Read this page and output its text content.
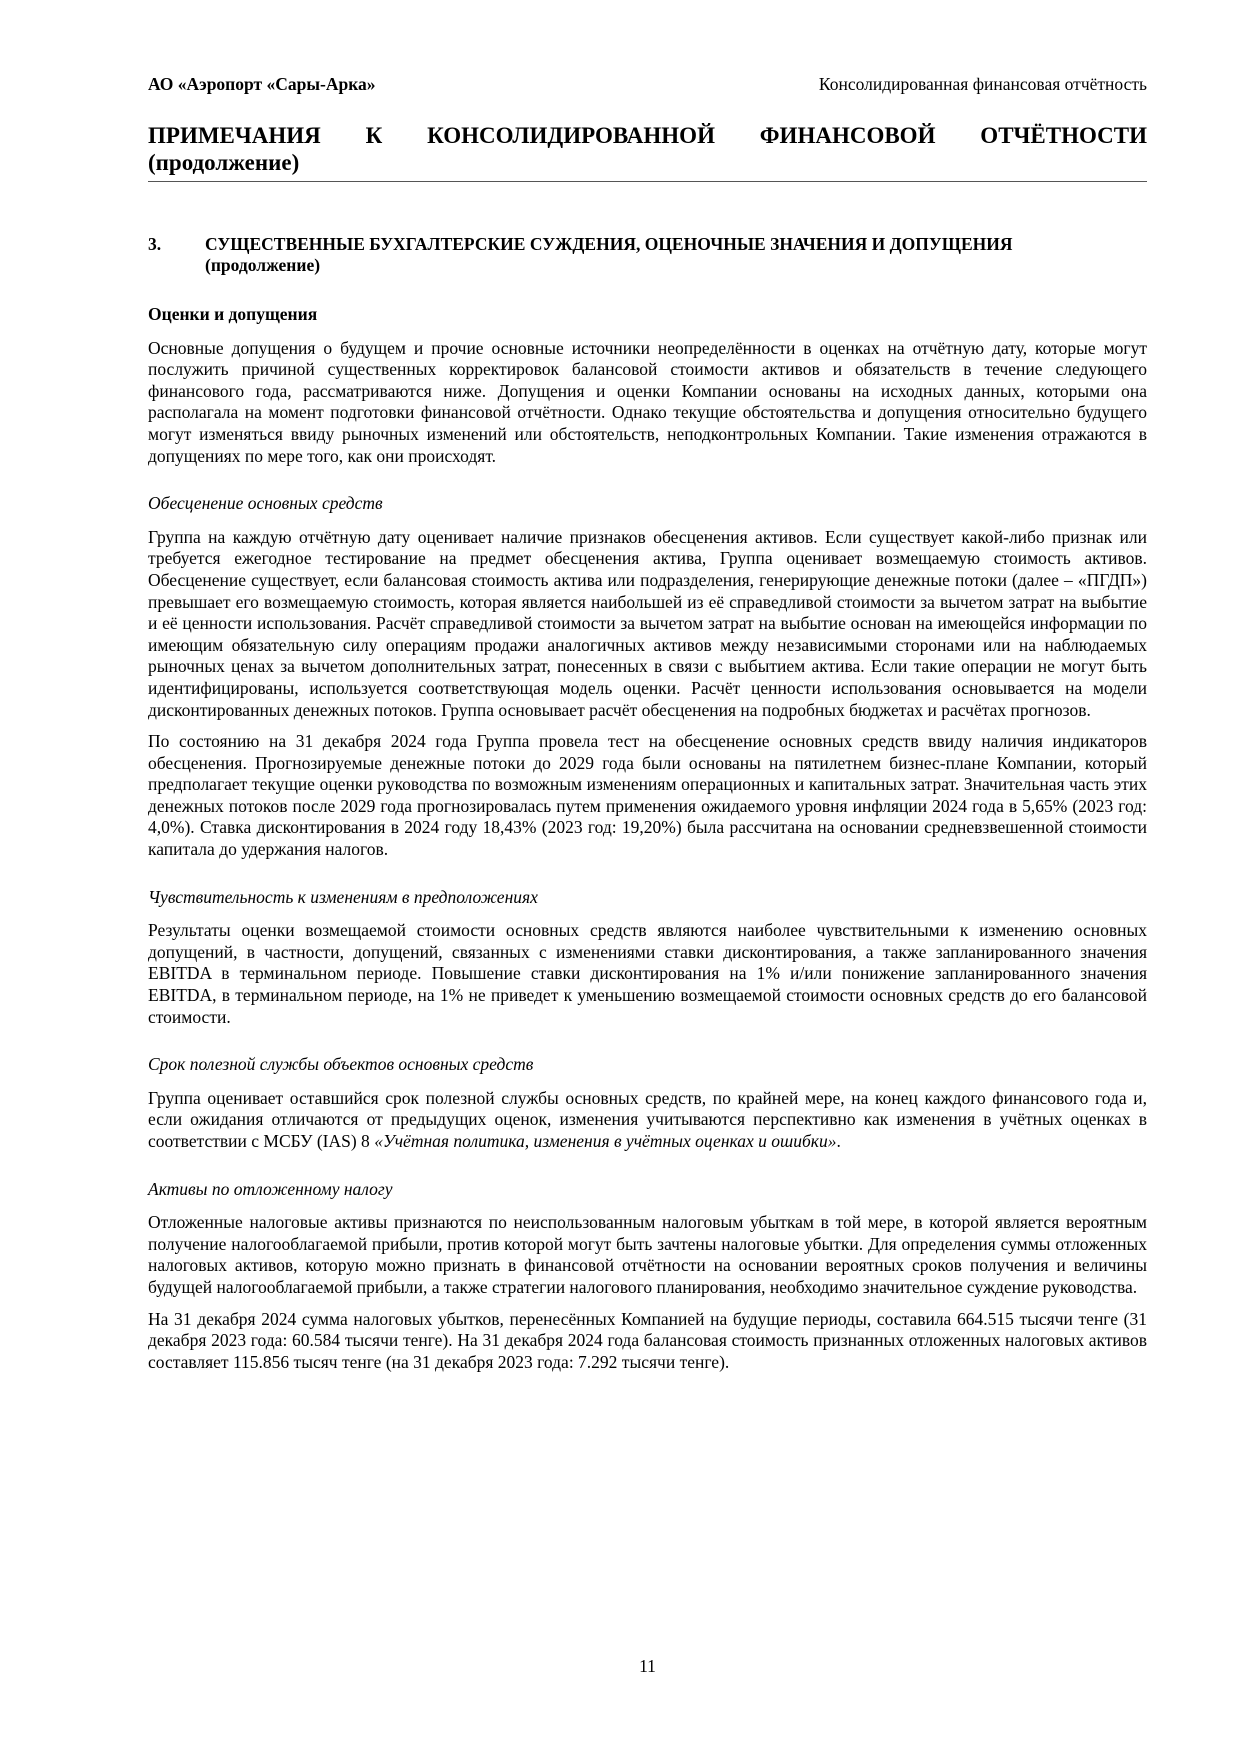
АО «Аэропорт «Сары-Арка»	Консолидированная финансовая отчётность
ПРИМЕЧАНИЯ К КОНСОЛИДИРОВАННОЙ ФИНАНСОВОЙ ОТЧЁТНОСТИ
(продолжение)
3.	СУЩЕСТВЕННЫЕ БУХГАЛТЕРСКИЕ СУЖДЕНИЯ, ОЦЕНОЧНЫЕ ЗНАЧЕНИЯ И ДОПУЩЕНИЯ
(продолжение)
Оценки и допущения

Основные допущения о будущем и прочие основные источники неопределённости в оценках на отчётную дату, которые могут послужить причиной существенных корректировок балансовой стоимости активов и обязательств в течение следующего финансового года, рассматриваются ниже. Допущения и оценки Компании основаны на исходных данных, которыми она располагала на момент подготовки финансовой отчётности. Однако текущие обстоятельства и допущения относительно будущего могут изменяться ввиду рыночных изменений или обстоятельств, неподконтрольных Компании. Такие изменения отражаются в допущениях по мере того, как они происходят.

Обесценение основных средств

Группа на каждую отчётную дату оценивает наличие признаков обесценения активов. Если существует какой-либо признак или требуется ежегодное тестирование на предмет обесценения актива, Группа оценивает возмещаемую стоимость активов. Обесценение существует, если балансовая стоимость актива или подразделения, генерирующие денежные потоки (далее – «ПГДП») превышает его возмещаемую стоимость, которая является наибольшей из её справедливой стоимости за вычетом затрат на выбытие и её ценности использования. Расчёт справедливой стоимости за вычетом затрат на выбытие основан на имеющейся информации по имеющим обязательную силу операциям продажи аналогичных активов между независимыми сторонами или на наблюдаемых рыночных ценах за вычетом дополнительных затрат, понесенных в связи с выбытием актива. Если такие операции не могут быть идентифицированы, используется соответствующая модель оценки. Расчёт ценности использования основывается на модели дисконтированных денежных потоков. Группа основывает расчёт обесценения на подробных бюджетах и расчётах прогнозов.

По состоянию на 31 декабря 2024 года Группа провела тест на обесценение основных средств ввиду наличия индикаторов обесценения. Прогнозируемые денежные потоки до 2029 года были основаны на пятилетнем бизнес-плане Компании, который предполагает текущие оценки руководства по возможным изменениям операционных и капитальных затрат. Значительная часть этих денежных потоков после 2029 года прогнозировалась путем применения ожидаемого уровня инфляции 2024 года в 5,65% (2023 год: 4,0%). Ставка дисконтирования в 2024 году 18,43% (2023 год: 19,20%) была рассчитана на основании средневзвешенной стоимости капитала до удержания налогов.

Чувствительность к изменениям в предположениях

Результаты оценки возмещаемой стоимости основных средств являются наиболее чувствительными к изменению основных допущений, в частности, допущений, связанных с изменениями ставки дисконтирования, а также запланированного значения EBITDA в терминальном периоде. Повышение ставки дисконтирования на 1% и/или понижение запланированного значения EBITDA, в терминальном периоде, на 1% не приведет к уменьшению возмещаемой стоимости основных средств до его балансовой стоимости.

Срок полезной службы объектов основных средств

Группа оценивает оставшийся срок полезной службы основных средств, по крайней мере, на конец каждого финансового года и, если ожидания отличаются от предыдущих оценок, изменения учитываются перспективно как изменения в учётных оценках в соответствии с МСБУ (IAS) 8 «Учётная политика, изменения в учётных оценках и ошибки».

Активы по отложенному налогу

Отложенные налоговые активы признаются по неиспользованным налоговым убыткам в той мере, в которой является вероятным получение налогооблагаемой прибыли, против которой могут быть зачтены налоговые убытки. Для определения суммы отложенных налоговых активов, которую можно признать в финансовой отчётности на основании вероятных сроков получения и величины будущей налогооблагаемой прибыли, а также стратегии налогового планирования, необходимо значительное суждение руководства.

На 31 декабря 2024 сумма налоговых убытков, перенесённых Компанией на будущие периоды, составила 664.515 тысячи тенге (31 декабря 2023 года: 60.584 тысячи тенге). На 31 декабря 2024 года балансовая стоимость признанных отложенных налоговых активов составляет 115.856 тысяч тенге (на 31 декабря 2023 года: 7.292 тысячи тенге).

11
